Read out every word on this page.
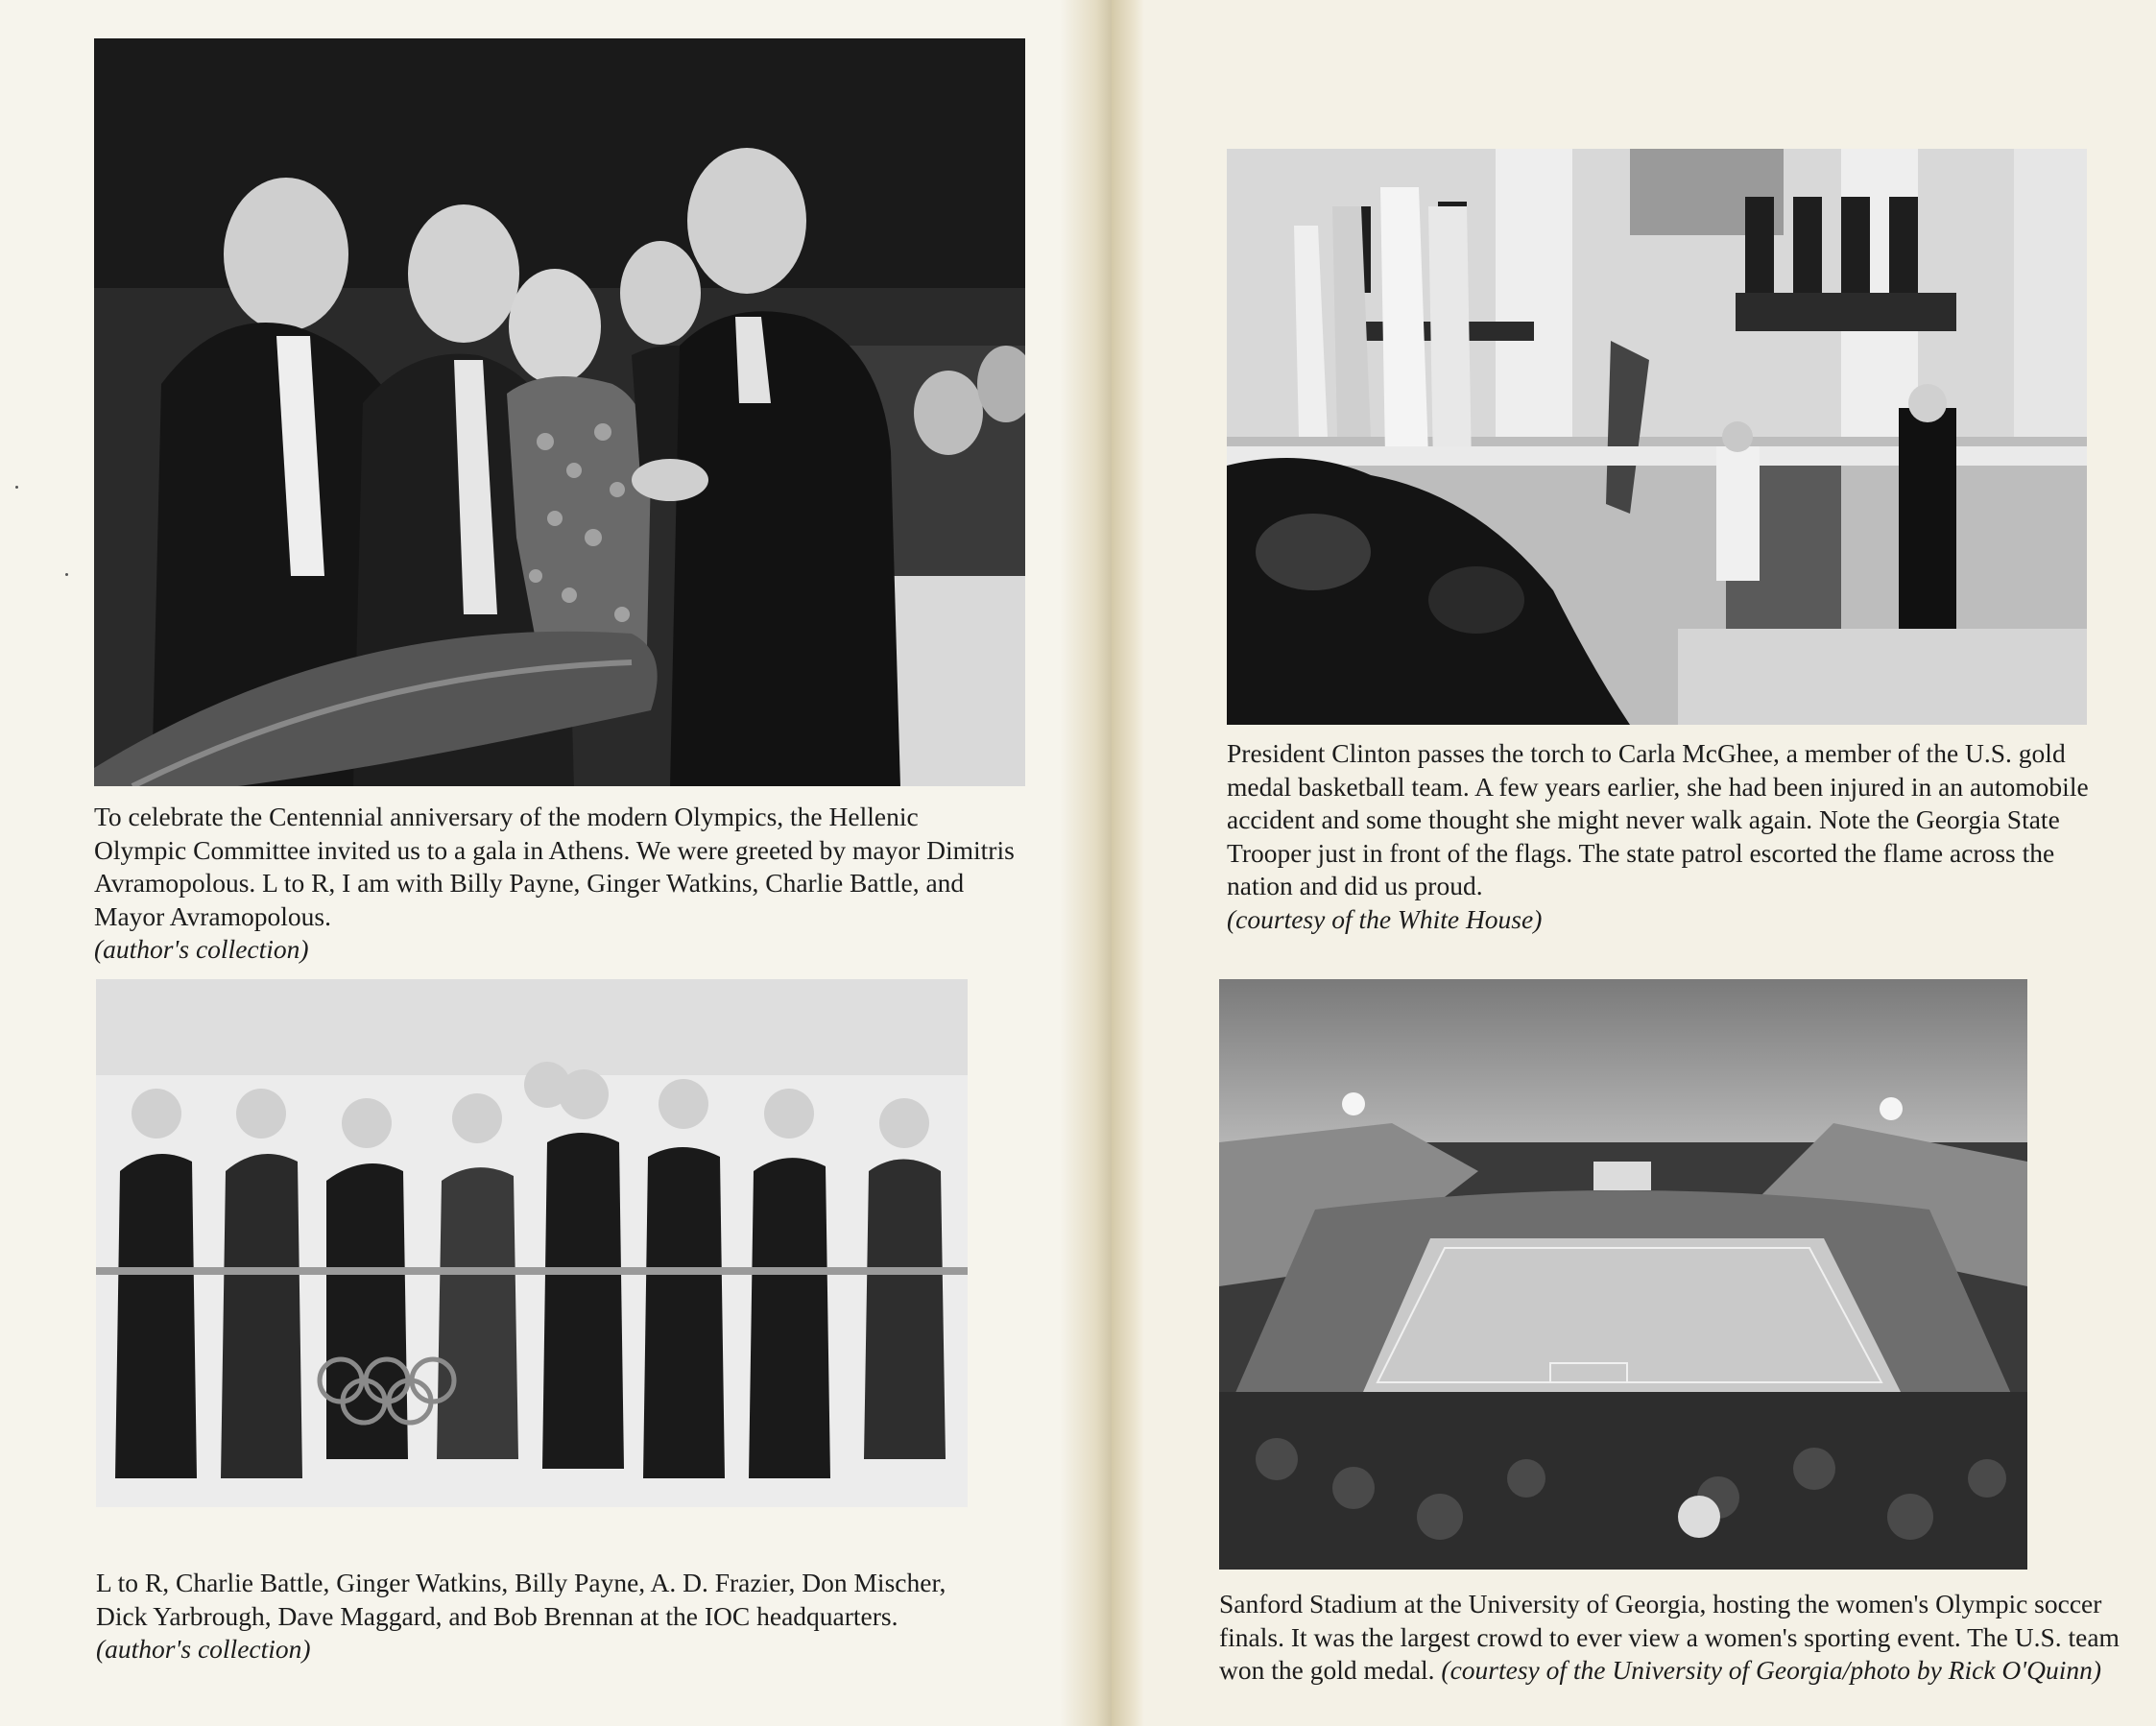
To celebrate the Centennial anniversary of the modern Olympics, the Hellenic Olympic Committee invited us to a gala in Athens. We were greeted by mayor Dimitris Avramopolous. L to R, I am with Billy Payne, Ginger Watkins, Charlie Battle, and Mayor Avramopolous.
(author's collection)

L to R, Charlie Battle, Ginger Watkins, Billy Payne, A. D. Frazier, Don Mischer, Dick Yarbrough, Dave Maggard, and Bob Brennan at the IOC headquarters. (author's collection)

President Clinton passes the torch to Carla McGhee, a member of the U.S. gold medal basketball team. A few years earlier, she had been injured in an automobile accident and some thought she might never walk again. Note the Georgia State Trooper just in front of the flags. The state patrol escorted the flame across the nation and did us proud.
(courtesy of the White House)

Sanford Stadium at the University of Georgia, hosting the women's Olympic soccer finals. It was the largest crowd to ever view a women's sporting event. The U.S. team won the gold medal. (courtesy of the University of Georgia/photo by Rick O'Quinn)
